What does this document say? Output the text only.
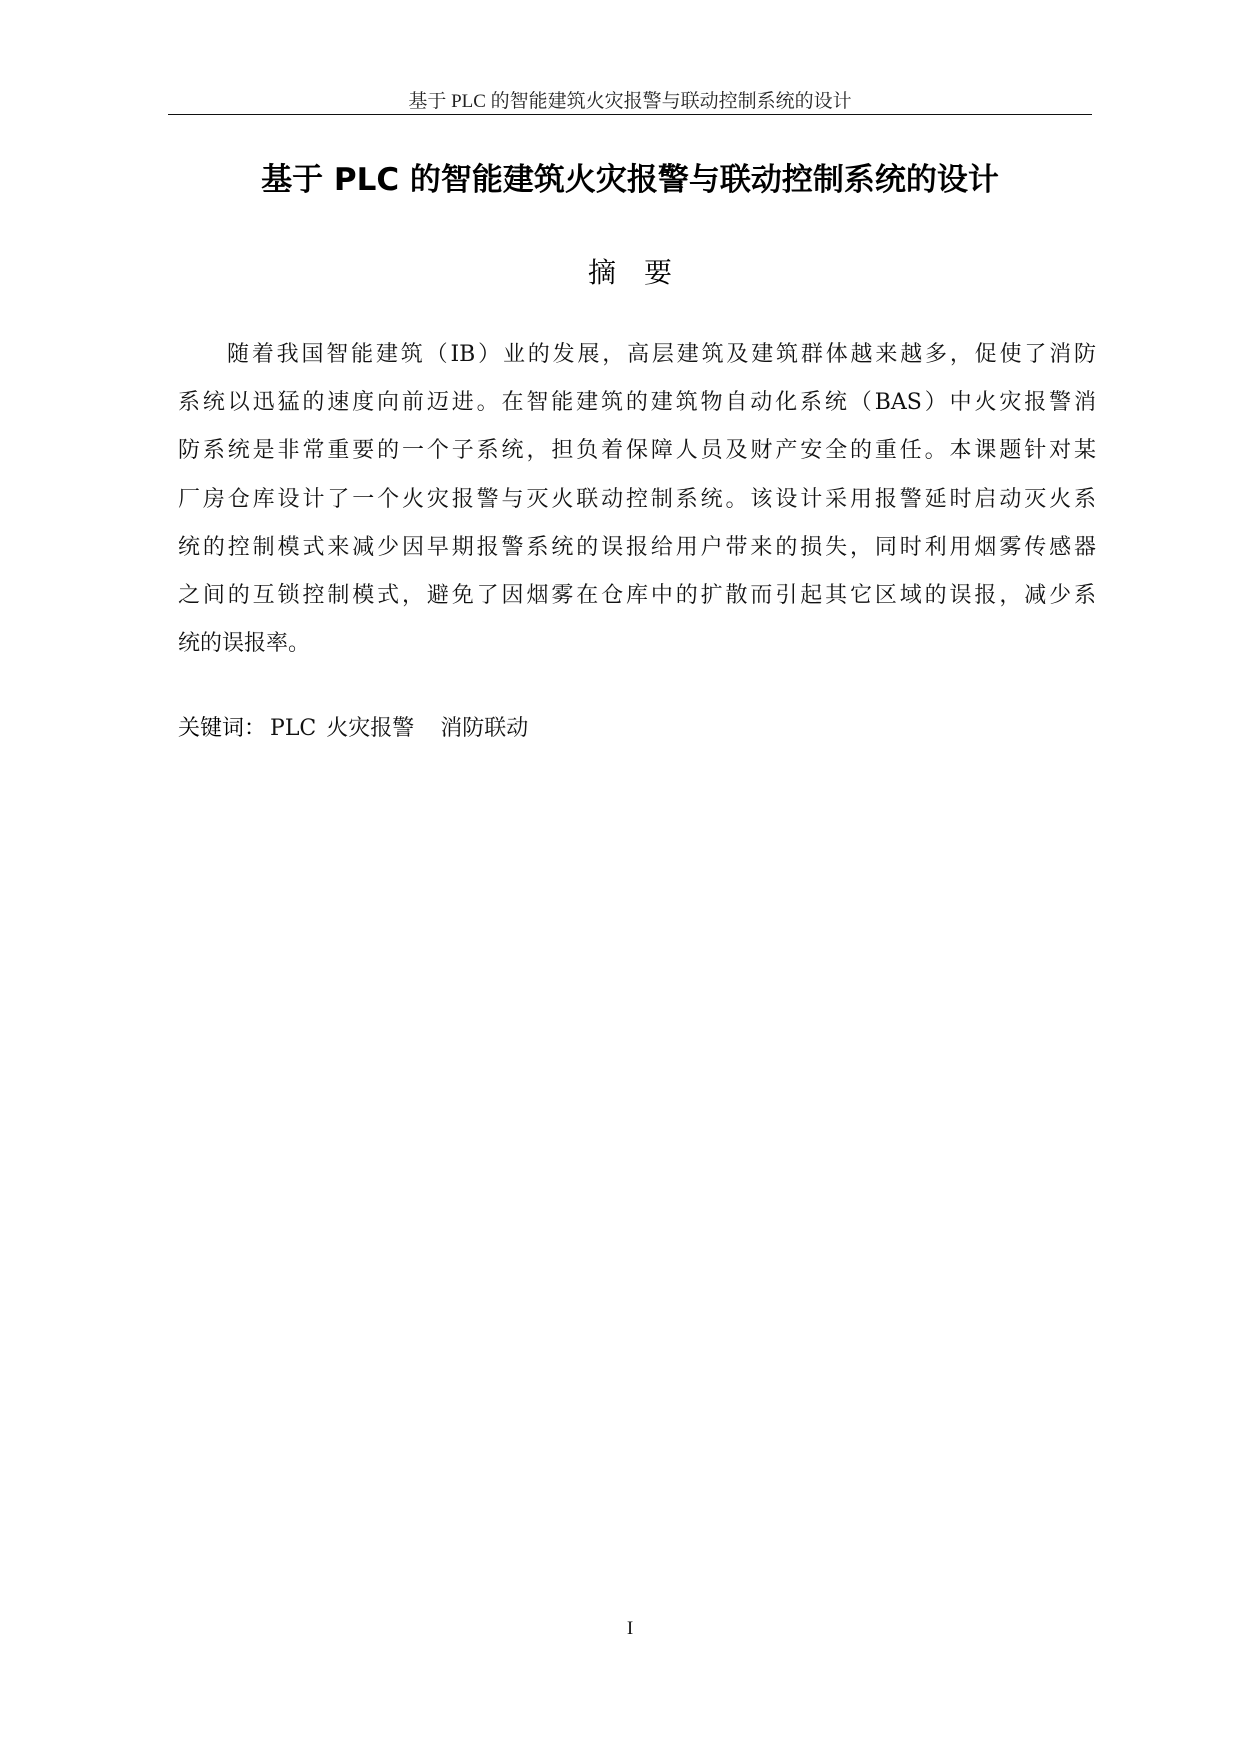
基于 PLC 的智能建筑火灾报警与联动控制系统的设计
基于 PLC 的智能建筑火灾报警与联动控制系统的设计
摘要
随着我国智能建筑（IB）业的发展，高层建筑及建筑群体越来越多，促使了消防
系统以迅猛的速度向前迈进。在智能建筑的建筑物自动化系统（BAS）中火灾报警消
防系统是非常重要的一个子系统，担负着保障人员及财产安全的重任。本课题针对某
厂房仓库设计了一个火灾报警与灭火联动控制系统。该设计采用报警延时启动灭火系
统的控制模式来减少因早期报警系统的误报给用户带来的损失，同时利用烟雾传感器
之间的互锁控制模式，避免了因烟雾在仓库中的扩散而引起其它区域的误报，减少系
统的误报率。
关键词： PLC 火灾报警 消防联动
I
